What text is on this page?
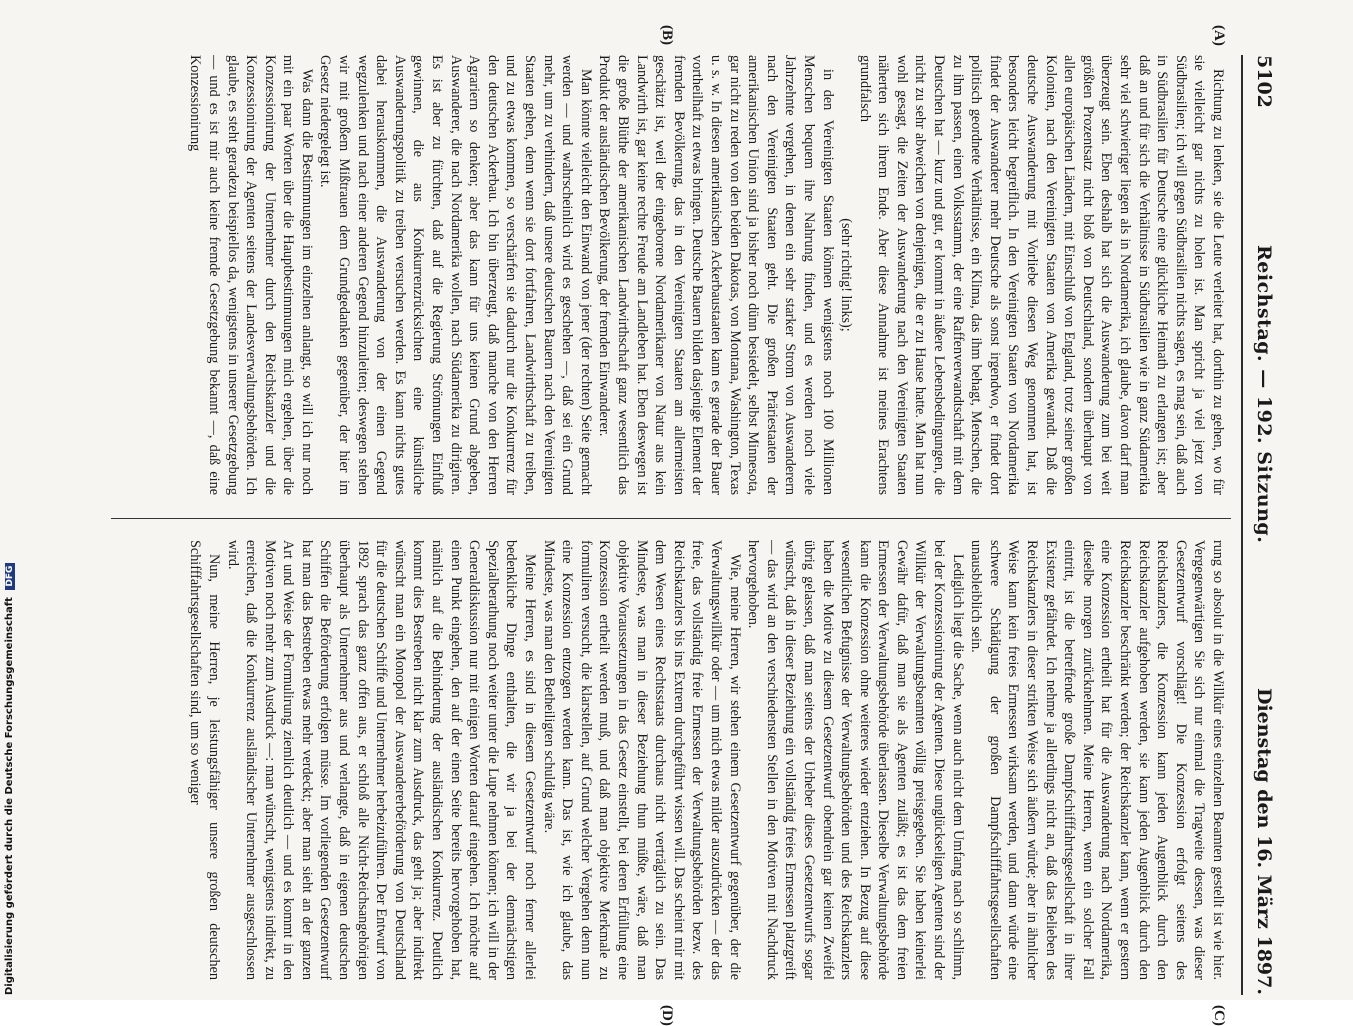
5102
Reichstag. — 192. Sitzung.
Dienstag den 16. März 1897.
(A)
(B)
(C)
(D)

Richtung zu lenken, sie die Leute verleitet hat, dorthin zu gehen, wo für sie vielleicht gar nichts zu holen ist. Man spricht ja viel jetzt von Südbrasilien; ich will gegen Südbrasilien nichts sagen, es mag sein, daß auch in Südbrasilien für Deutsche eine glückliche Heimath zu erlangen ist; aber daß an und für sich die Verhältnisse in Südbrasilien wie in ganz Südamerika sehr viel schwieriger liegen als in Nordamerika, ich glaube, davon darf man überzeugt sein. Eben deshalb hat sich die Auswanderung zum bei weit größten Prozentsatz nicht bloß von Deutschland, sondern überhaupt von allen europäischen Ländern, mit Einschluß von England, trotz seiner großen Kolonien, nach den Vereinigten Staaten von Amerika gewandt. Daß die deutsche Auswanderung mit Vorliebe diesen Weg genommen hat, ist besonders leicht begreiflich. In den Vereinigten Staaten von Nordamerika findet der Auswanderer mehr Deutsche als sonst irgendwo, er findet dort politisch geordnete Verhältnisse, ein Klima, das ihm behagt, Menschen, die zu ihm passen, einen Volksstamm, der eine Raffenverwandtschaft mit dem Deutschen hat — kurz und gut, er kommt in äußere Lebensbedingungen, die nicht zu sehr abweichen von denjenigen, die er zu Hause hatte. Man hat nun wohl gesagt, die Zeiten der Auswanderung nach den Vereinigten Staaten näherten sich ihrem Ende. Aber diese Annahme ist meines Erachtens grundfalsch

(sehr richtig! links);

in den Vereinigten Staaten können wenigstens noch 100 Millionen Menschen bequem ihre Nahrung finden, und es werden noch viele Jahrzehnte vergehen, in denen ein sehr starker Strom von Auswanderern nach den Vereinigten Staaten geht. Die großen Präriestaaten der amerikanischen Union sind ja bisher noch dünn besiedelt, selbst Minnesota, gar nicht zu reden von den beiden Dakotas, von Montana, Washington, Texas u. s. w. In diesen amerikanischen Ackerbaustaaten kann es gerade der Bauer vortheilhaft zu etwas bringen. Deutsche Bauern bilden dasjenige Element der fremden Bevölkerung, das in den Vereinigten Staaten am allermeisten geschätzt ist, weil der eingeborene Nordamerikaner von Natur aus kein Landwirth ist, gar keine rechte Freude am Landleben hat. Eben deswegen ist die große Blüthe der amerikanischen Landwirthschaft ganz wesentlich das Produkt der ausländischen Bevölkerung, der fremden Einwanderer.

Man könnte vielleicht den Einwand von jener (der rechten) Seite gemacht werden — und wahrscheinlich wird es geschehen —, daß sei ein Grund mehr, um zu verhindern, daß unsere deutschen Bauern nach den Vereinigten Staaten gehen, denn wenn sie dort fortfahren, Landwirthschaft zu treiben, und zu etwas kommen, so verschärfen sie dadurch nur die Konkurrenz für den deutschen Ackerbau. Ich bin überzeugt, daß manche von den Herren Agrariern so denken; aber das kann für uns keinen Grund abgeben, Auswanderer, die nach Nordamerika wollen, nach Südamerika zu dirigiren. Es ist aber zu fürchten, daß auf die Regierung Strömungen Einfluß gewinnen, die aus Konkurrenzrücksichten eine künstliche Auswanderungspolitik zu treiben versuchen werden. Es kann nichts gutes dabei herauskommen, die Auswanderung von der einen Gegend wegzulenken und nach einer anderen Gegend hinzuleiten; deswegen stehen wir mit großem Mißtrauen dem Grundgedanken gegenüber, der hier im Gesetz niedergelegt ist.

Was dann die Bestimmungen im einzelnen anlangt, so will ich nur noch mit ein paar Worten über die Hauptbestimmungen mich ergehen, über die Konzessionirung der Unternehmer durch den Reichskanzler und die Konzessionirung der Agenten seitens der Landesverwaltungsbehörden. Ich glaube, es steht geradezu beispiellos da, wenigstens in unserer Gesetzgebung — und es ist mir auch keine fremde Gesetzgebung bekannt —, daß eine Konzessionirung

rung so absolut in die Willkür eines einzelnen Beamten gestellt ist wie hier. Vergegenwärtigen Sie sich nur einmal die Tragweite dessen, was dieser Gesetzentwurf vorschlägt! Die Konzession erfolgt seitens des Reichskanzlers, die Konzession kann jeden Augenblick durch den Reichskanzler aufgehoben werden, sie kann jeden Augenblick durch den Reichskanzler beschränkt werden; der Reichskanzler kann, wenn er gestern eine Konzession ertheilt hat für die Auswanderung nach Nordamerika, dieselbe morgen zurücknehmen. Meine Herren, wenn ein solcher Fall eintritt, ist die betreffende große Dampfschifffahrtsgesellschaft in ihrer Existenz gefährdet. Ich nehme ja allerdings nicht an, daß das Belieben des Reichskanzlers in dieser strikten Weise sich äußern würde; aber in ähnlicher Weise kann kein freies Ermessen wirksam werden, und dann würde eine schwere Schädigung der großen Dampfschifffahrtsgesellschaften unausbleiblich sein.

Lediglich liegt die Sache, wenn auch nicht dem Umfang nach so schlimm, bei der Konzessionirung der Agenten. Diese unglückseligen Agenten sind der Willkür der Verwaltungsbeamten völlig preisgegeben. Sie haben keinerlei Gewähr dafür, daß man sie als Agenten zuläßt; es ist das dem freien Ermessen der Verwaltungsbehörde überlassen. Dieselbe Verwaltungsbehörde kann die Konzession ohne weiteres wieder entziehen. In Bezug auf diese wesentlichen Befugnisse der Verwaltungsbehörden und des Reichskanzlers haben die Motive zu diesem Gesetzentwurf obendrein gar keinen Zweifel übrig gelassen, daß man seitens der Urheber dieses Gesetzentwurfs sogar wünscht, daß in dieser Beziehung ein vollständig freies Ermessen platzgreift — das wird an den verschiedensten Stellen in den Motiven mit Nachdruck hervorgehoben.

Wie, meine Herren, wir stehen einem Gesetzentwurf gegenüber, der die Verwaltungswillkür oder — um mich etwas milder auszudrücken — der das freie, das vollständig freie Ermessen der Verwaltungsbehörden bezw. des Reichskanzlers bis ins Extrem durchgeführt wissen will. Das scheint mir mit dem Wesen eines Rechtsstaats durchaus nicht verträglich zu sein. Das Mindeste, was man in dieser Beziehung thun müßte, wäre, daß man objektive Voraussetzungen in das Gesetz einstellt, bei deren Erfüllung eine Konzession ertheilt werden muß, und daß man objektive Merkmale zu formuliren versucht, die klarstellen, auf Grund welcher Vergehen denn nun eine Konzession entzogen werden kann. Das ist, wie ich glaube, das Mindeste, was man den Betheiligten schuldig wäre.

Meine Herren, es sind in diesem Gesetzentwurf noch ferner allerlei bedenkliche Dinge enthalten, die wir ja bei der demnächstigen Spezialberathung noch weiter unter die Lupe nehmen können; ich will in der Generaldiskussion nur mit einigen Worten darauf eingehen. Ich möchte auf einen Punkt eingehen, den auf der einen Seite bereits hervorgehoben hat, nämlich auf die Behinderung der ausländischen Konkurrenz. Deutlich kommt dies Bestreben nicht klar zum Ausdruck, das geht ja; aber indirekt wünscht man ein Monopol der Auswandererbeförderung von Deutschland für die deutschen Schiffe und Unternehmer herbeizuführen. Der Entwurf von 1892 sprach das ganz offen aus, er schloß alle Nicht-Reichsangehörigen überhaupt als Unternehmer aus und verlangte, daß in eigenen deutschen Schiffen die Beförderung erfolgen müsse. Im vorliegenden Gesetzentwurf hat man das Bestreben etwas mehr verdeckt; aber man sieht an der ganzen Art und Weise der Formulirung ziemlich deutlich — und es kommt in den Motiven noch mehr zum Ausdruck —: man wünscht, wenigstens indirekt, zu erreichen, daß die Konkurrenz ausländischer Unternehmer ausgeschlossen wird.

Nun, meine Herren, je leistungsfähiger unsere großen deutschen Schifffahrtsgesellschaften sind, um so weniger

Digitalisierung gefördert durch die Deutsche Forschungsgemeinschaft DFG
